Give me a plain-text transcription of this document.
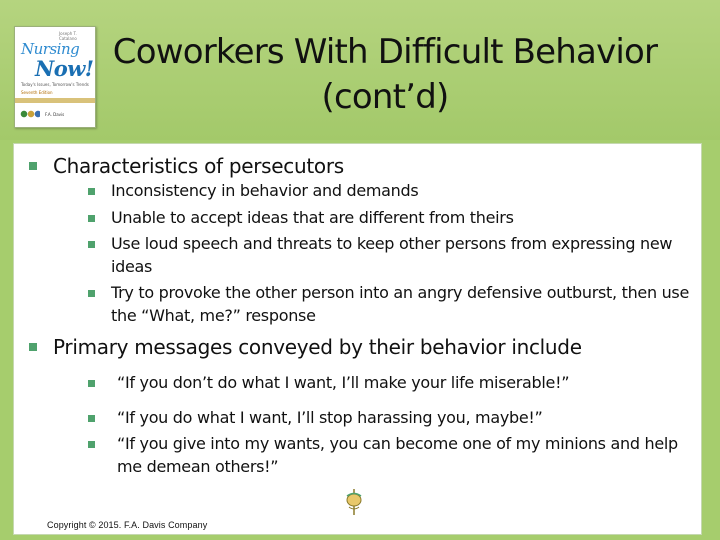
Joseph T. Catalano
Nursing
Now!
Today's Issues, Tomorrow's Trends
Seventh Edition
F.A. Davis
Coworkers With Difficult Behavior
(cont’d)
Characteristics of persecutors
Inconsistency in behavior and demands
Unable to accept ideas that are different from theirs
Use loud speech and threats to keep other persons from expressing new ideas
Try to provoke the other person into an angry defensive outburst, then use the “What, me?” response
Primary messages conveyed by their behavior include
“If you don’t do what I want, I’ll make your life miserable!”
“If you do what I want, I’ll stop harassing you, maybe!”
“If you give into my wants, you can become one of my minions and help me demean others!”
Copyright © 2015. F.A. Davis Company
